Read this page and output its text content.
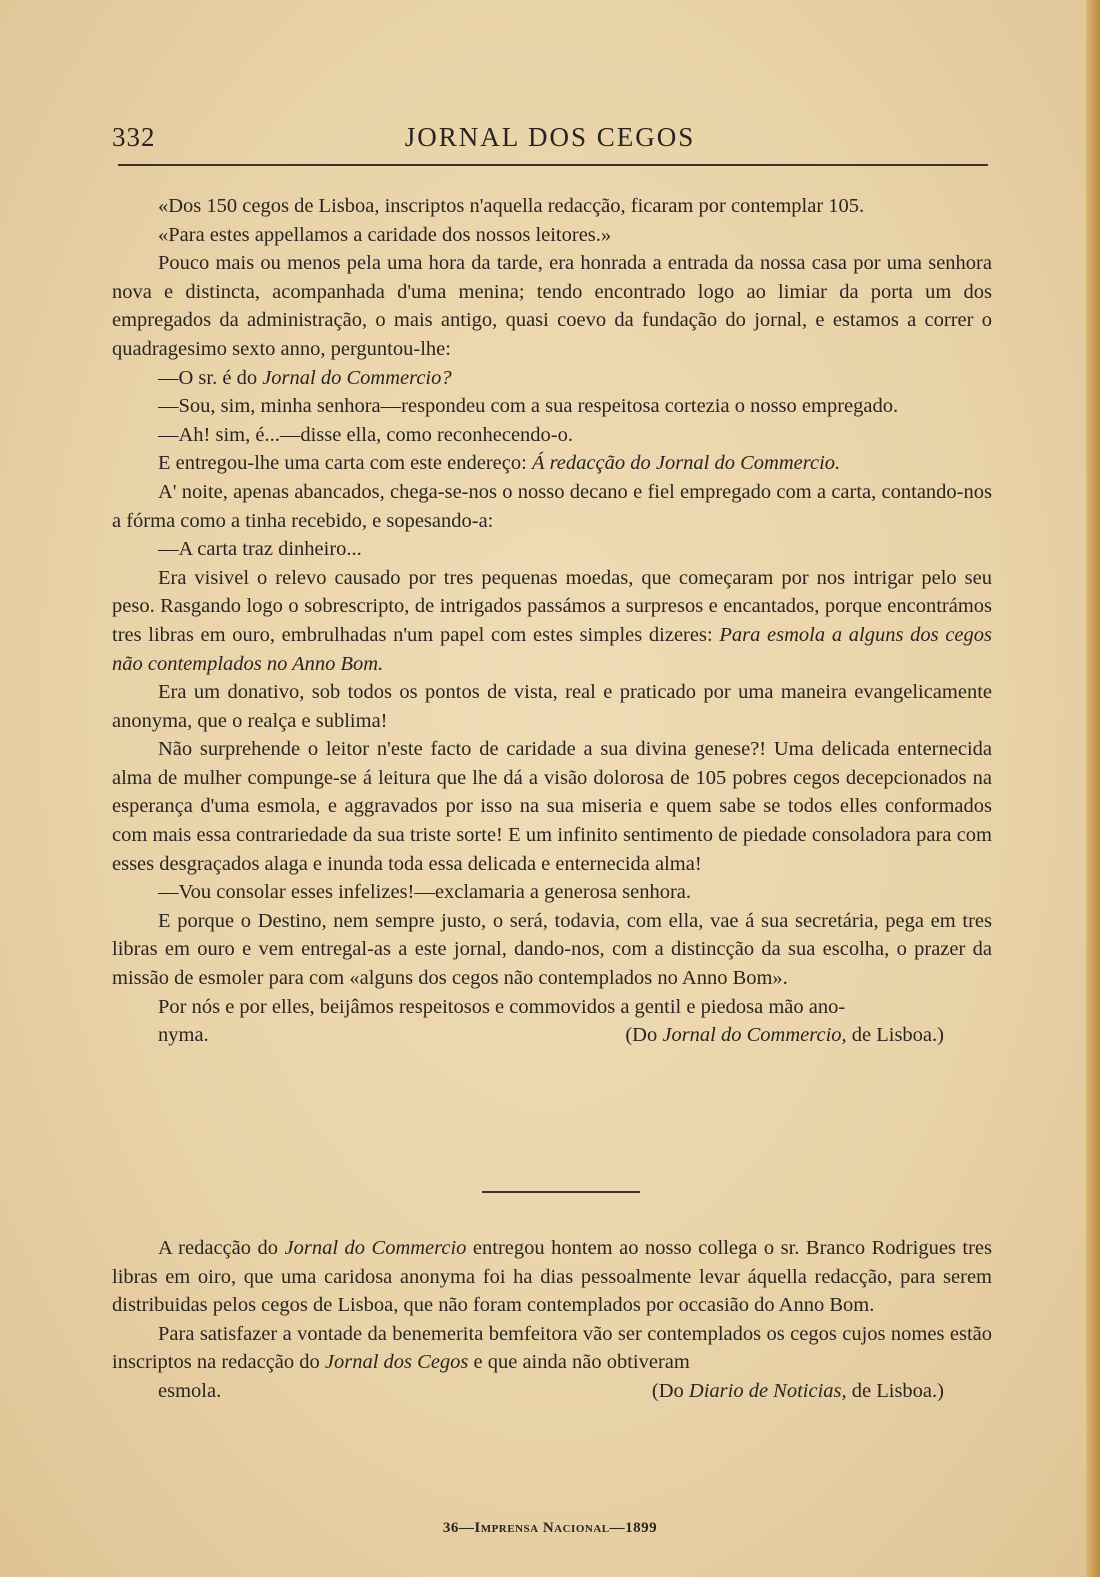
332	JORNAL DOS CEGOS

«Dos 150 cegos de Lisboa, inscriptos n'aquella redacção, ficaram por contemplar 105.

«Para estes appellamos a caridade dos nossos leitores.»

Pouco mais ou menos pela uma hora da tarde, era honrada a entrada da nossa casa por uma senhora nova e distincta, acompanhada d'uma menina; tendo encontrado logo ao limiar da porta um dos empregados da administração, o mais antigo, quasi coevo da fundação do jornal, e estamos a correr o quadragesimo sexto anno, perguntou-lhe:

—O sr. é do Jornal do Commercio?

—Sou, sim, minha senhora—respondeu com a sua respeitosa cortezia o nosso empregado.

—Ah! sim, é...—disse ella, como reconhecendo-o.

E entregou-lhe uma carta com este endereço: Á redacção do Jornal do Commercio.

A' noite, apenas abancados, chega-se-nos o nosso decano e fiel empregado com a carta, contando-nos a fórma como a tinha recebido, e sopesando-a:

—A carta traz dinheiro...

Era visivel o relevo causado por tres pequenas moedas, que começaram por nos intrigar pelo seu peso. Rasgando logo o sobrescripto, de intrigados passámos a surpresos e encantados, porque encontrámos tres libras em ouro, embrulhadas n'um papel com estes simples dizeres: Para esmola a alguns dos cegos não contemplados no Anno Bom.

Era um donativo, sob todos os pontos de vista, real e praticado por uma maneira evangelicamente anonyma, que o realça e sublima!

Não surprehende o leitor n'este facto de caridade a sua divina genese?! Uma delicada enternecida alma de mulher compunge-se á leitura que lhe dá a visão dolorosa de 105 pobres cegos decepcionados na esperança d'uma esmola, e aggravados por isso na sua miseria e quem sabe se todos elles conformados com mais essa contrariedade da sua triste sorte! E um infinito sentimento de piedade consoladora para com esses desgraçados alaga e inunda toda essa delicada e enternecida alma!

—Vou consolar esses infelizes!—exclamaria a generosa senhora.

E porque o Destino, nem sempre justo, o será, todavia, com ella, vae á sua secretária, pega em tres libras em ouro e vem entregal-as a este jornal, dando-nos, com a distincção da sua escolha, o prazer da missão de esmoler para com «alguns dos cegos não contemplados no Anno Bom».

Por nós e por elles, beijâmos respeitosos e commovidos a gentil e piedosa mão ano-

nyma.	(Do Jornal do Commercio, de Lisboa.)

A redacção do Jornal do Commercio entregou hontem ao nosso collega o sr. Branco Rodrigues tres libras em oiro, que uma caridosa anonyma foi ha dias pessoalmente levar áquella redacção, para serem distribuidas pelos cegos de Lisboa, que não foram contemplados por occasião do Anno Bom.

Para satisfazer a vontade da benemerita bemfeitora vão ser contemplados os cegos cujos nomes estão inscriptos na redacção do Jornal dos Cegos e que ainda não obtiveram

esmola.	(Do Diario de Noticias, de Lisboa.)

36—Imprensa Nacional—1899
